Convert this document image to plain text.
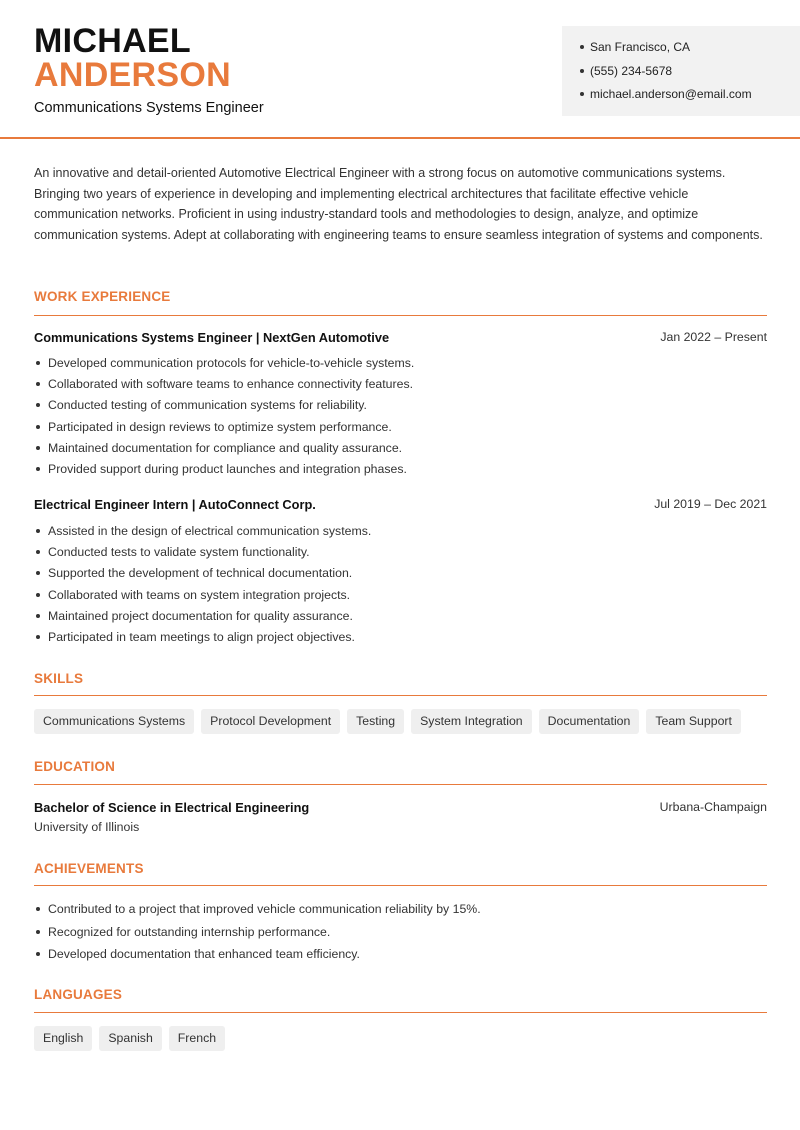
MICHAEL
ANDERSON
Communications Systems Engineer
San Francisco, CA
(555) 234-5678
michael.anderson@email.com

An innovative and detail-oriented Automotive Electrical Engineer with a strong focus on automotive communications systems. Bringing two years of experience in developing and implementing electrical architectures that facilitate effective vehicle communication networks. Proficient in using industry-standard tools and methodologies to design, analyze, and optimize communication systems. Adept at collaborating with engineering teams to ensure seamless integration of systems and components.

WORK EXPERIENCE
Communications Systems Engineer | NextGen Automotive	Jan 2022 – Present
Developed communication protocols for vehicle-to-vehicle systems.
Collaborated with software teams to enhance connectivity features.
Conducted testing of communication systems for reliability.
Participated in design reviews to optimize system performance.
Maintained documentation for compliance and quality assurance.
Provided support during product launches and integration phases.
Electrical Engineer Intern | AutoConnect Corp.	Jul 2019 – Dec 2021
Assisted in the design of electrical communication systems.
Conducted tests to validate system functionality.
Supported the development of technical documentation.
Collaborated with teams on system integration projects.
Maintained project documentation for quality assurance.
Participated in team meetings to align project objectives.
SKILLS
Communications Systems	Protocol Development	Testing	System Integration	Documentation	Team Support
EDUCATION
Bachelor of Science in Electrical Engineering	Urbana-Champaign
University of Illinois
ACHIEVEMENTS
Contributed to a project that improved vehicle communication reliability by 15%.
Recognized for outstanding internship performance.
Developed documentation that enhanced team efficiency.
LANGUAGES
English	Spanish	French
